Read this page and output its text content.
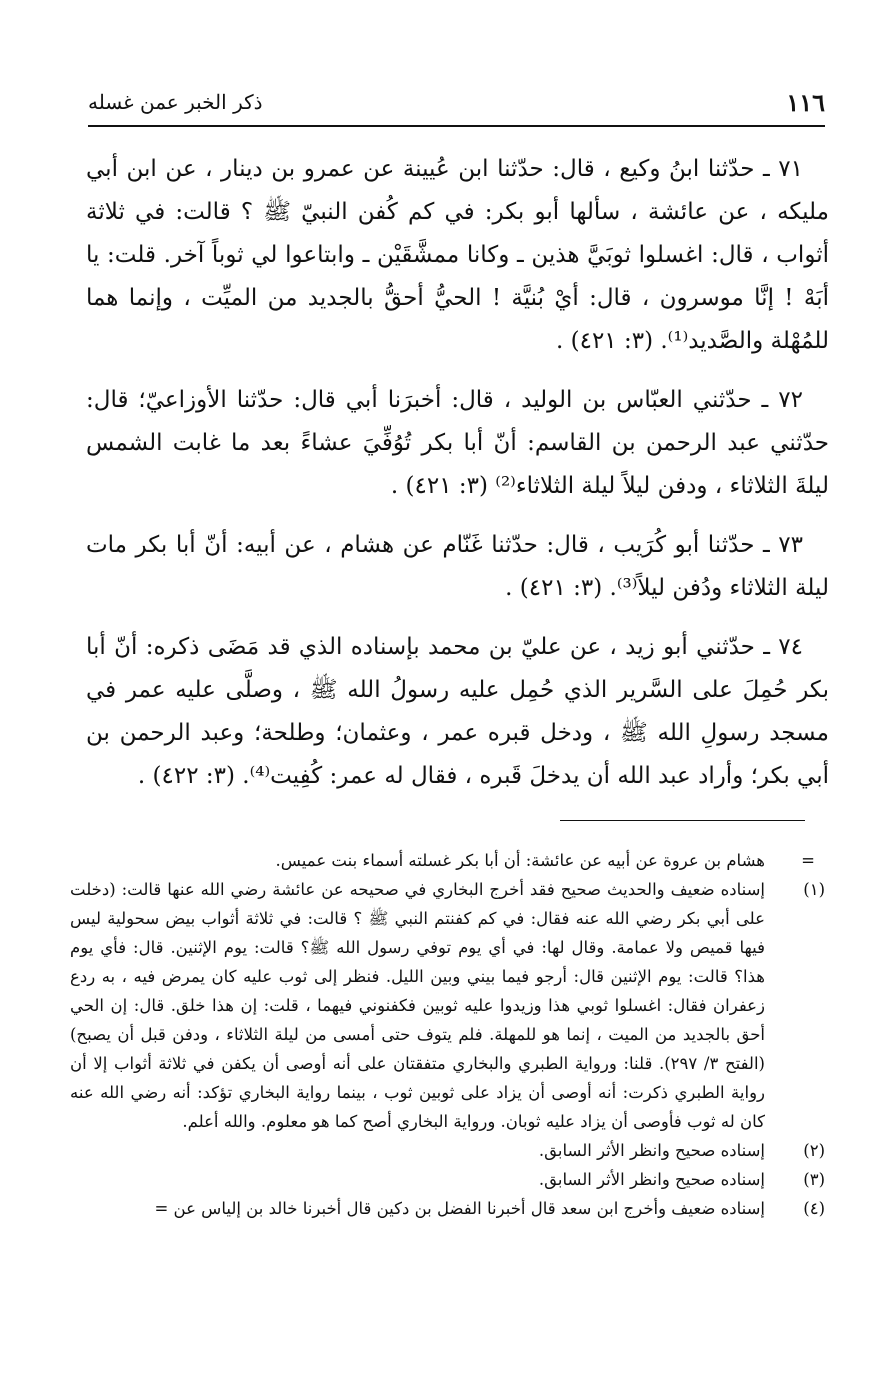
١١٦
ذكر الخبر عمن غسله

٧١ ـ حدّثنا ابنُ وكيع ، قال: حدّثنا ابن عُيينة عن عمرو بن دينار ، عن ابن أبي مليكه ، عن عائشة ، سألها أبو بكر: في كم كُفن النبيّ ﷺ ؟ قالت: في ثلاثة أثواب ، قال: اغسلوا ثوبَيَّ هذين ـ وكانا ممشَّقَيْن ـ وابتاعوا لي ثوباً آخر. قلت: يا أبَهْ ! إنَّا موسرون ، قال: أيْ بُنيَّة ! الحيُّ أحقُّ بالجديد من الميِّت ، وإنما هما للمُهْلة والصَّديد⁽¹⁾. (٣: ٤٢١) .

٧٢ ـ حدّثني العبّاس بن الوليد ، قال: أخبرَنا أبي قال: حدّثنا الأوزاعيّ؛ قال: حدّثني عبد الرحمن بن القاسم: أنّ أبا بكر تُوُفِّيَ عشاءً بعد ما غابت الشمس ليلةَ الثلاثاء ، ودفن ليلاً ليلة الثلاثاء⁽²⁾ (٣: ٤٢١) .

٧٣ ـ حدّثنا أبو كُرَيب ، قال: حدّثنا غَنّام عن هشام ، عن أبيه: أنّ أبا بكر مات ليلة الثلاثاء ودُفن ليلاً⁽³⁾. (٣: ٤٢١) .

٧٤ ـ حدّثني أبو زيد ، عن عليّ بن محمد بإسناده الذي قد مَضَى ذكره: أنّ أبا بكر حُمِلَ على السَّرير الذي حُمِل عليه رسولُ الله ﷺ ، وصلَّى عليه عمر في مسجد رسولِ الله ﷺ ، ودخل قبره عمر ، وعثمان؛ وطلحة؛ وعبد الرحمن بن أبي بكر؛ وأراد عبد الله أن يدخلَ قَبره ، فقال له عمر: كُفِيت⁽⁴⁾. (٣: ٤٢٢) .

=
هشام بن عروة عن أبيه عن عائشة: أن أبا بكر غسلته أسماء بنت عميس.
(١)
إسناده ضعيف والحديث صحيح فقد أخرج البخاري في صحيحه عن عائشة رضي الله عنها قالت: (دخلت على أبي بكر رضي الله عنه فقال: في كم كفنتم النبي ﷺ ؟ قالت: في ثلاثة أثواب بيض سحولية ليس فيها قميص ولا عمامة. وقال لها: في أي يوم توفي رسول الله ﷺ؟ قالت: يوم الإثنين. قال: فأي يوم هذا؟ قالت: يوم الإثنين قال: أرجو فيما بيني وبين الليل. فنظر إلى ثوب عليه كان يمرض فيه ، به ردع زعفران فقال: اغسلوا ثوبي هذا وزيدوا عليه ثوبين فكفنوني فيهما ، قلت: إن هذا خلق. قال: إن الحي أحق بالجديد من الميت ، إنما هو للمهلة. فلم يتوف حتى أمسى من ليلة الثلاثاء ، ودفن قبل أن يصبح) (الفتح ٣/ ٢٩٧). قلنا: ورواية الطبري والبخاري متفقتان على أنه أوصى أن يكفن في ثلاثة أثواب إلا أن رواية الطبري ذكرت: أنه أوصى أن يزاد على ثوبين ثوب ، بينما رواية البخاري تؤكد: أنه رضي الله عنه كان له ثوب فأوصى أن يزاد عليه ثوبان. ورواية البخاري أصح كما هو معلوم. والله أعلم.
(٢)
إسناده صحيح وانظر الأثر السابق.
(٣)
إسناده صحيح وانظر الأثر السابق.
(٤)
إسناده ضعيف وأخرج ابن سعد قال أخبرنا الفضل بن دكين قال أخبرنا خالد بن إلياس عن =
